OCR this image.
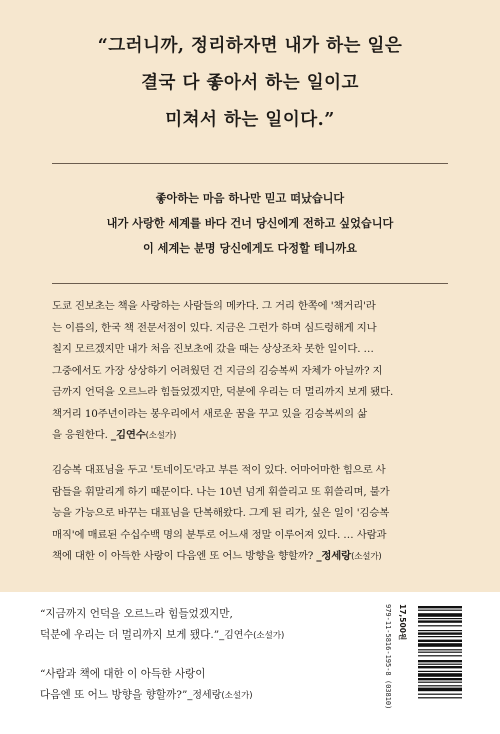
“그러니까, 정리하자면 내가 하는 일은
결국 다 좋아서 하는 일이고
미쳐서 하는 일이다.”
좋아하는 마음 하나만 믿고 떠났습니다
내가 사랑한 세계를 바다 건너 당신에게 전하고 싶었습니다
이 세계는 분명 당신에게도 다정할 테니까요
도쿄 진보초는 책을 사랑하는 사람들의 메카다. 그 거리 한쪽에 '책거리'라
는 이름의, 한국 책 전문서점이 있다. 지금은 그런가 하며 심드렁해게 지나
칠지 모르겠지만 내가 처음 진보초에 갔을 때는 상상조차 못한 일이다. …
그중에서도 가장 상상하기 어려웠던 건 지금의 김승복씨 자체가 아닐까? 지
금까지 언덕을 오르느라 힘들었겠지만, 덕분에 우리는 더 멀리까지 보게 됐다.
책거리 10주년이라는 봉우리에서 새로운 꿈을 꾸고 있을 김승복씨의 삶
을 응원한다. _김연수(소설가)
김승복 대표님을 두고 '토네이도'라고 부른 적이 있다. 어마어마한 힘으로 사
람들을 휘말리게 하기 때문이다. 나는 10년 넘게 휘쓸리고 또 휘쓸리며, 불가
능을 가능으로 바꾸는 대표님을 단복해왔다. 그게 된 리가, 싶은 일이 '김승복
매직'에 매료된 수십수백 명의 분투로 어느새 정말 이루어져 있다. … 사람과
책에 대한 이 아득한 사랑이 다음엔 또 어느 방향을 향할까? _정세랑(소설가)
“지금까지 언덕을 오르느라 힘들었겠지만,
덕분에 우리는 더 멀리까지 보게 됐다.”_김연수(소설가)
“사람과 책에 대한 이 아득한 사랑이
다음엔 또 어느 방향을 향할까?”_정세랑(소설가)	979-11-5816-195-8 (03810) 17,500원
